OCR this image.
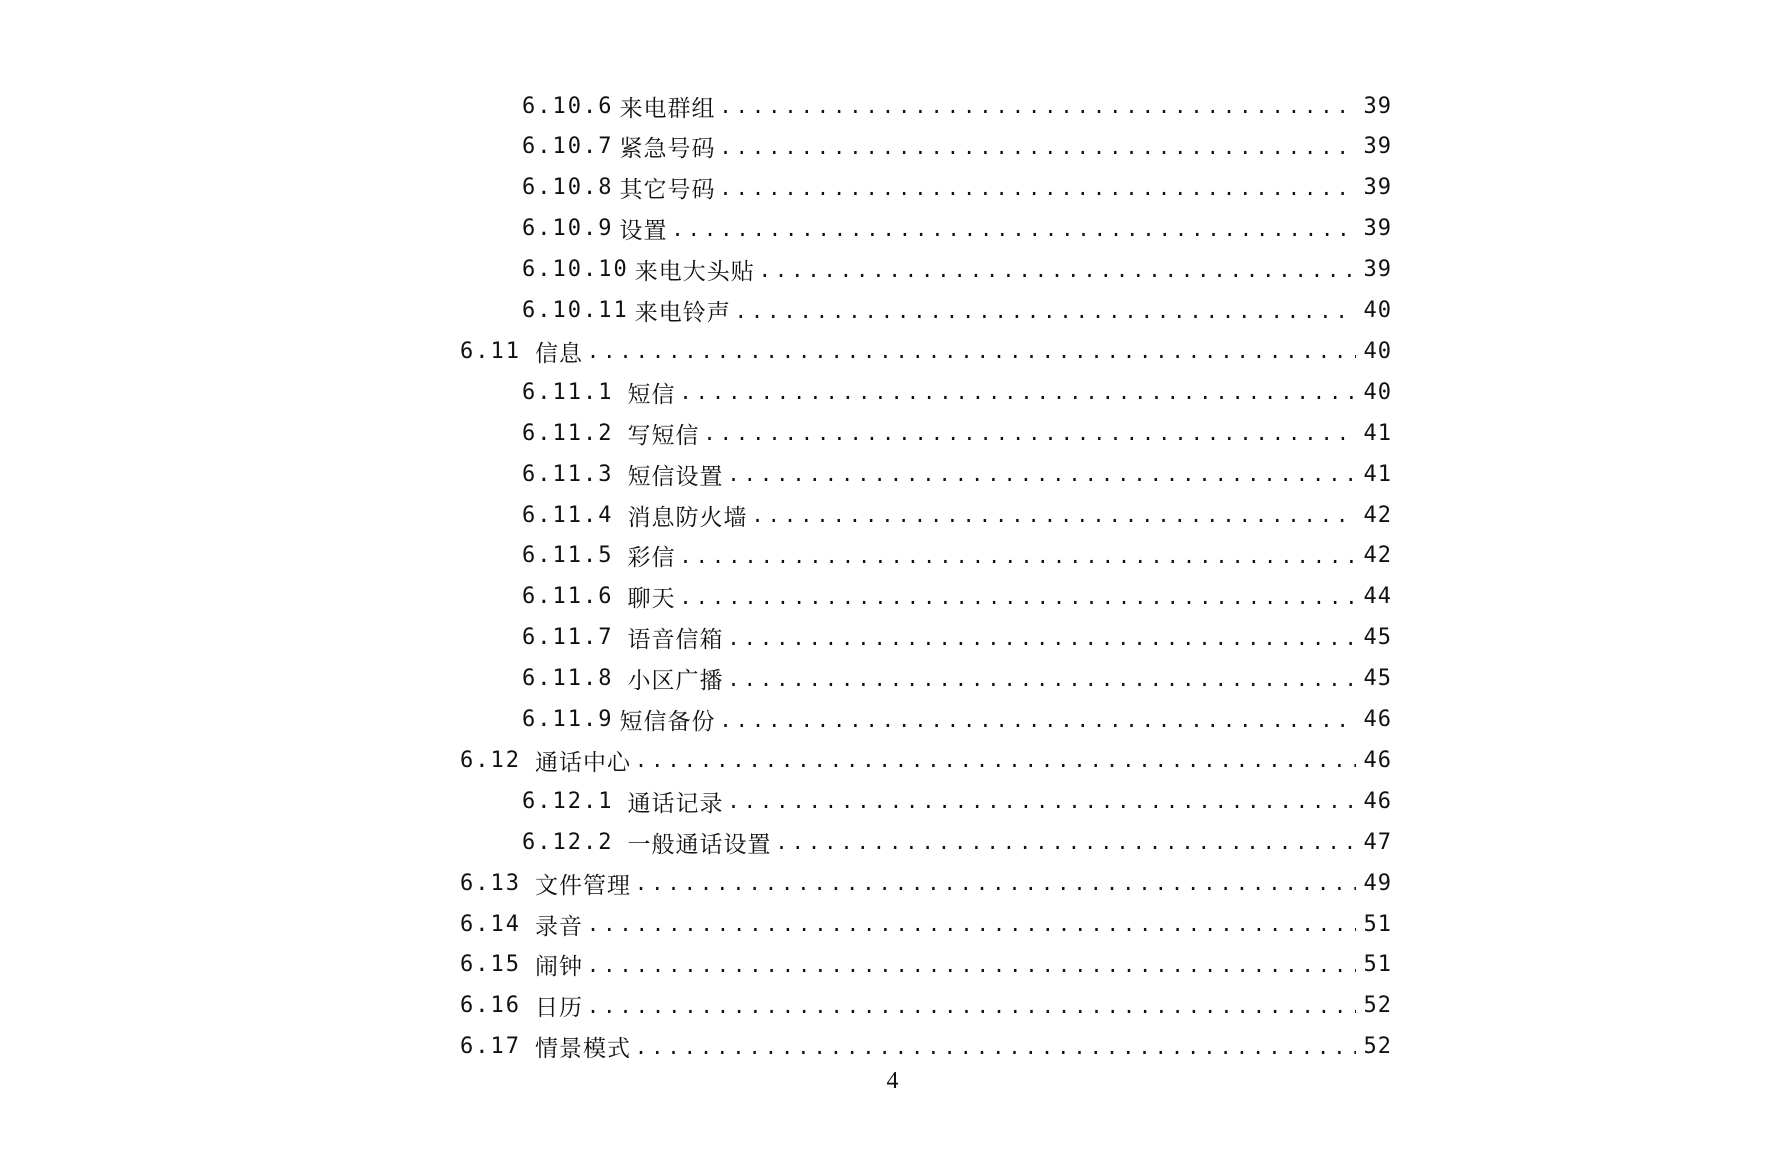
6.10.6 来电群组 .....	39
6.10.7 紧急号码 .....	39
6.10.8 其它号码 .....	39
6.10.9 设置 .....	39
6.10.10 来电大头贴 .....	39
6.10.11 来电铃声 .....	40
6.11 信息 .....	40
6.11.1 短信 .....	40
6.11.2 写短信 .....	41
6.11.3 短信设置 .....	41
6.11.4 消息防火墙 .....	42
6.11.5 彩信 .....	42
6.11.6 聊天 .....	44
6.11.7 语音信箱 .....	45
6.11.8 小区广播 .....	45
6.11.9 短信备份 .....	46
6.12 通话中心 .....	46
6.12.1 通话记录 .....	46
6.12.2 一般通话设置 .....	47
6.13 文件管理 .....	49
6.14 录音 .....	51
6.15 闹钟 .....	51
6.16 日历 .....	52
6.17 情景模式 .....	52
4
